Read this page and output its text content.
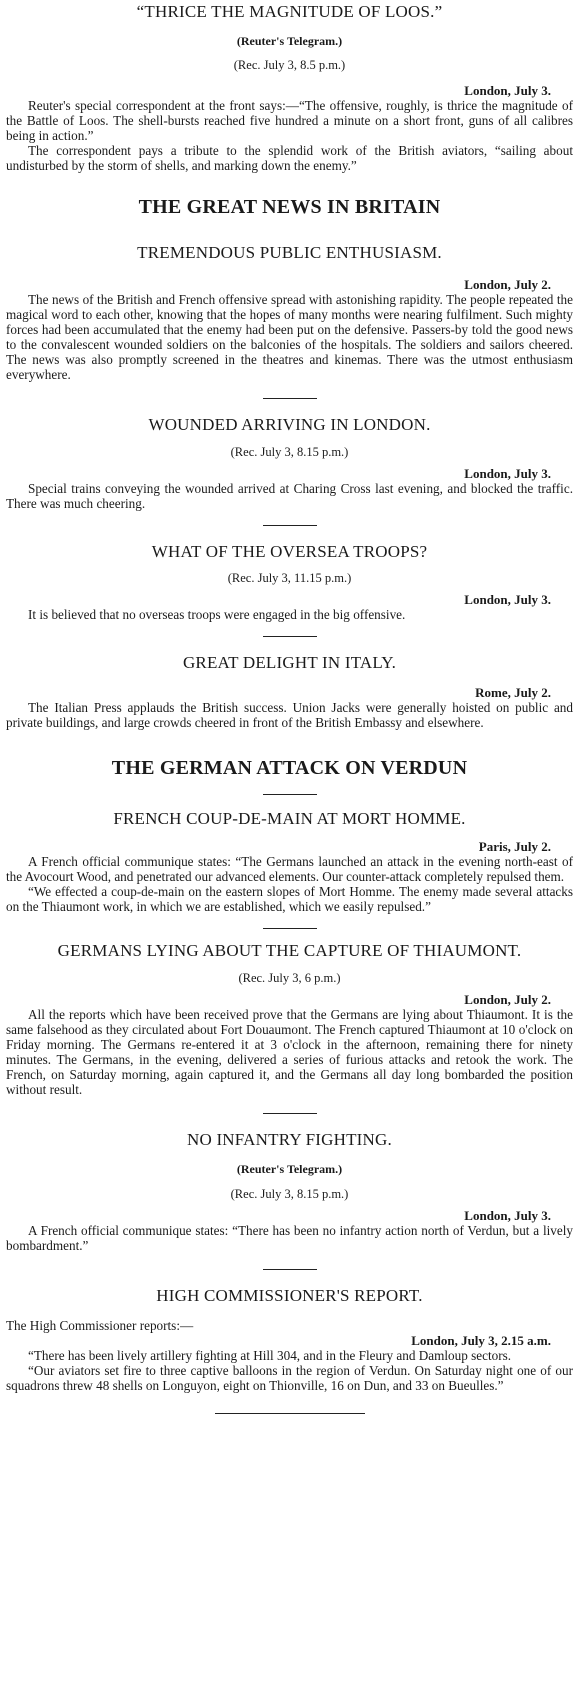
“THRICE THE MAGNITUDE OF LOOS.”

(Reuter's Telegram.)

(Rec. July 3, 8.5 p.m.)

London, July 3.

Reuter's special correspondent at the front says:—“The offensive, roughly, is thrice the magnitude of the Battle of Loos. The shell-bursts reached five hundred a minute on a short front, guns of all calibres being in action.”

The correspondent pays a tribute to the splendid work of the British aviators, “sailing about undisturbed by the storm of shells, and marking down the enemy.”

THE GREAT NEWS IN BRITAIN
TREMENDOUS PUBLIC ENTHUSIASM.

London, July 2.

The news of the British and French offensive spread with astonishing rapidity. The people repeated the magical word to each other, knowing that the hopes of many months were nearing fulfilment. Such mighty forces had been accumulated that the enemy had been put on the defensive. Passers-by told the good news to the convalescent wounded soldiers on the balconies of the hospitals. The soldiers and sailors cheered. The news was also promptly screened in the theatres and kinemas. There was the utmost enthusiasm everywhere.

WOUNDED ARRIVING IN LONDON.

(Rec. July 3, 8.15 p.m.)

London, July 3.

Special trains conveying the wounded arrived at Charing Cross last evening, and blocked the traffic. There was much cheering.

WHAT OF THE OVERSEA TROOPS?

(Rec. July 3, 11.15 p.m.)

London, July 3.

It is believed that no overseas troops were engaged in the big offensive.

GREAT DELIGHT IN ITALY.

Rome, July 2.

The Italian Press applauds the British success. Union Jacks were generally hoisted on public and private buildings, and large crowds cheered in front of the British Embassy and elsewhere.

THE GERMAN ATTACK ON VERDUN
FRENCH COUP-DE-MAIN AT MORT HOMME.

Paris, July 2.

A French official communique states: “The Germans launched an attack in the evening north-east of the Avocourt Wood, and penetrated our advanced elements. Our counter-attack completely repulsed them.

“We effected a coup-de-main on the eastern slopes of Mort Homme. The enemy made several attacks on the Thiaumont work, in which we are established, which we easily repulsed.”

GERMANS LYING ABOUT THE CAPTURE OF THIAUMONT.

(Rec. July 3, 6 p.m.)

London, July 2.

All the reports which have been received prove that the Germans are lying about Thiaumont. It is the same falsehood as they circulated about Fort Douaumont. The French captured Thiaumont at 10 o'clock on Friday morning. The Germans re-entered it at 3 o'clock in the afternoon, remaining there for ninety minutes. The Germans, in the evening, delivered a series of furious attacks and retook the work. The French, on Saturday morning, again captured it, and the Germans all day long bombarded the position without result.

NO INFANTRY FIGHTING.

(Reuter's Telegram.)

(Rec. July 3, 8.15 p.m.)

London, July 3.

A French official communique states: “There has been no infantry action north of Verdun, but a lively bombardment.”

HIGH COMMISSIONER'S REPORT.

The High Commissioner reports:—

London, July 3, 2.15 a.m.

“There has been lively artillery fighting at Hill 304, and in the Fleury and Damloup sectors.

“Our aviators set fire to three captive balloons in the region of Verdun. On Saturday night one of our squadrons threw 48 shells on Longuyon, eight on Thionville, 16 on Dun, and 33 on Bueulles.”
